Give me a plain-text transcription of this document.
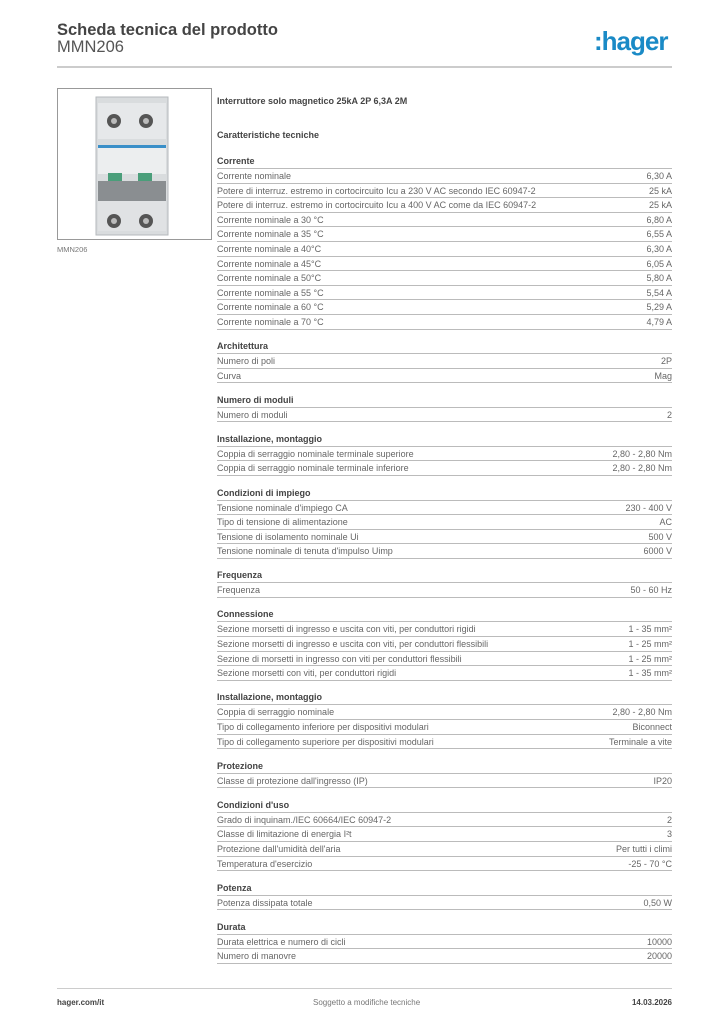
Scheda tecnica del prodotto
MMN206	:hager
MMN206
Interruttore solo magnetico 25kA 2P 6,3A 2M
Caratteristiche tecniche
Corrente
Corrente nominale	6,30 A
Potere di interruz. estremo in cortocircuito Icu a 230 V AC secondo IEC 60947-2	25 kA
Potere di interruz. estremo in cortocircuito Icu a 400 V AC come da IEC 60947-2	25 kA
Corrente nominale a 30 °C	6,80 A
Corrente nominale a 35 °C	6,55 A
Corrente nominale a 40°C	6,30 A
Corrente nominale a 45°C	6,05 A
Corrente nominale a 50°C	5,80 A
Corrente nominale a 55 °C	5,54 A
Corrente nominale a 60 °C	5,29 A
Corrente nominale a 70 °C	4,79 A
Architettura
Numero di poli	2P
Curva	Mag
Numero di moduli
Numero di moduli	2
Installazione, montaggio
Coppia di serraggio nominale terminale superiore	2,80 - 2,80 Nm
Coppia di serraggio nominale terminale inferiore	2,80 - 2,80 Nm
Condizioni di impiego
Tensione nominale d'impiego CA	230 - 400 V
Tipo di tensione di alimentazione	AC
Tensione di isolamento nominale Ui	500 V
Tensione nominale di tenuta d'impulso Uimp	6000 V
Frequenza
Frequenza	50 - 60 Hz
Connessione
Sezione morsetti di ingresso e uscita con viti, per conduttori rigidi	1 - 35 mm²
Sezione morsetti di ingresso e uscita con viti, per conduttori flessibili	1 - 25 mm²
Sezione di morsetti in ingresso con viti per conduttori flessibili	1 - 25 mm²
Sezione morsetti con viti, per conduttori rigidi	1 - 35 mm²
Installazione, montaggio
Coppia di serraggio nominale	2,80 - 2,80 Nm
Tipo di collegamento inferiore per dispositivi modulari	Biconnect
Tipo di collegamento superiore per dispositivi modulari	Terminale a vite
Protezione
Classe di protezione dall'ingresso (IP)	IP20
Condizioni d'uso
Grado di inquinam./IEC 60664/IEC 60947-2	2
Classe di limitazione di energia I²t	3
Protezione dall'umidità dell'aria	Per tutti i climi
Temperatura d'esercizio	-25 - 70 °C
Potenza
Potenza dissipata totale	0,50 W
Durata
Durata elettrica e numero di cicli	10000
Numero di manovre	20000
hager.com/it	Soggetto a modifiche tecniche	14.03.2026
